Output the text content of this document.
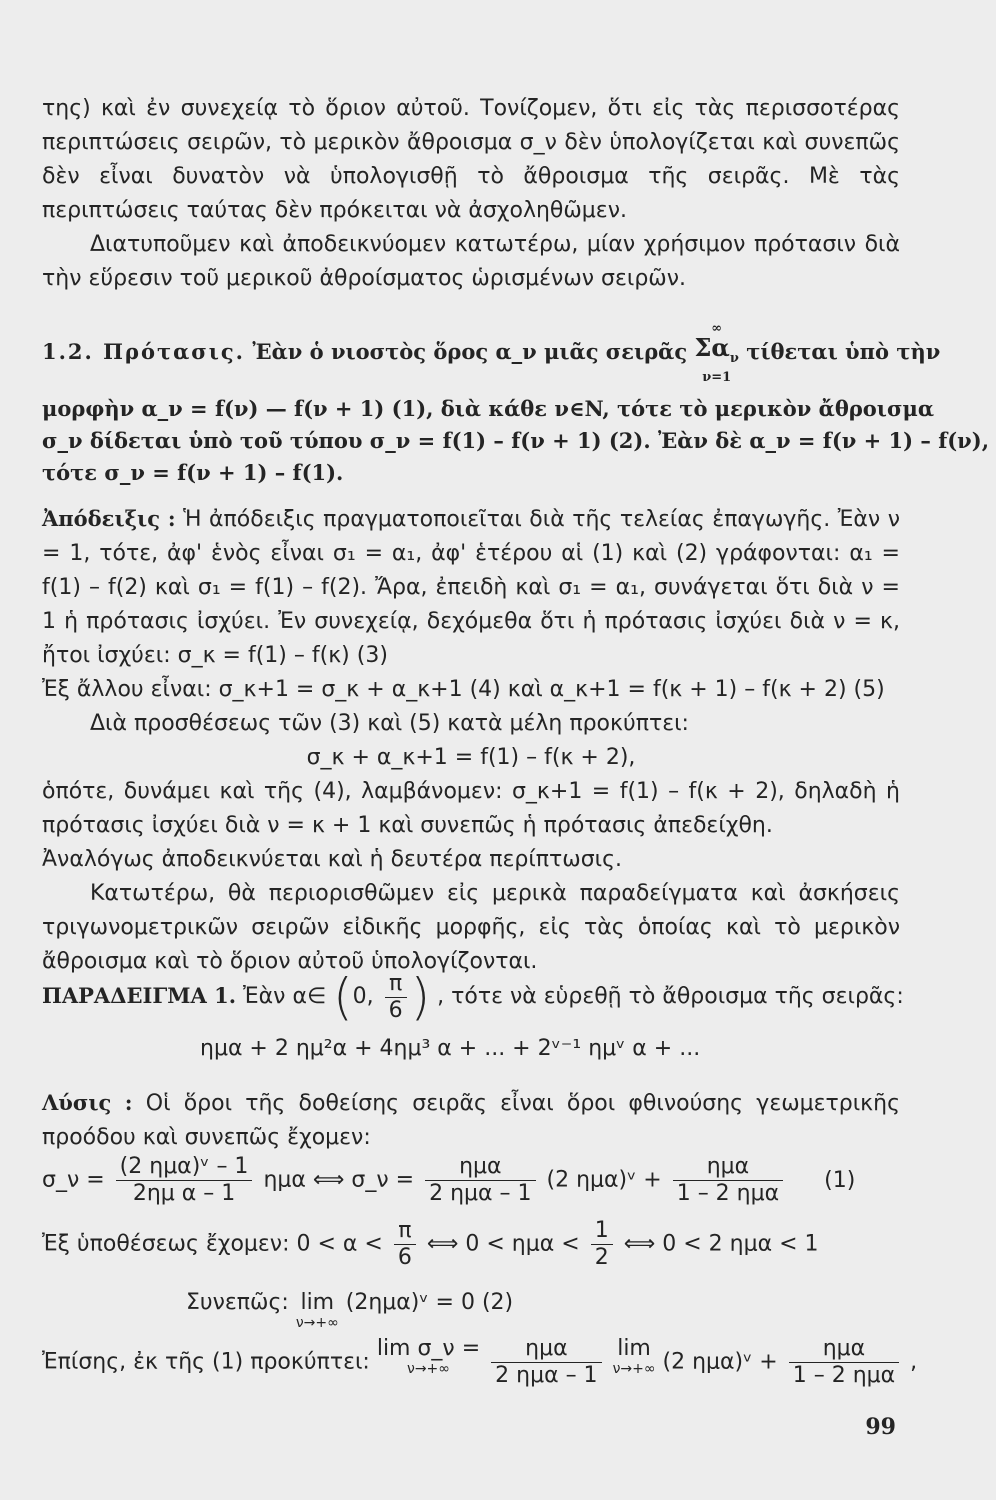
της) καὶ ἐν συνεχείᾳ τὸ ὅριον αὐτοῦ. Τονίζομεν, ὅτι εἰς τὰς περισσοτέρας περιπτώσεις σειρῶν, τὸ μερικὸν ἄθροισμα σ_ν δὲν ὑπολογίζεται καὶ συνεπῶς δὲν εἶναι δυνατὸν νὰ ὑπολογισθῇ τὸ ἄθροισμα τῆς σειρᾶς. Μὲ τὰς περιπτώσεις ταύτας δὲν πρόκειται νὰ ἀσχοληθῶμεν.

Διατυποῦμεν καὶ ἀποδεικνύομεν κατωτέρω, μίαν χρήσιμον πρότασιν διὰ τὴν εὕρεσιν τοῦ μερικοῦ ἀθροίσματος ὡρισμένων σειρῶν.

1.2. Πρότασις. Ἐὰν ὁ νιοστὸς ὅρος α_ν μιᾶς σειρᾶς
∞
$\Sigma\alpha_\nu$
ν=1
τίθεται ὑπὸ τὴν
μορφὴν α_ν = f(ν) — f(ν + 1) (1), διὰ κάθε ν∈N, τότε τὸ μερικὸν ἄθροισμα
σ_ν δίδεται ὑπὸ τοῦ τύπου σ_ν = f(1) – f(ν + 1) (2). Ἐὰν δὲ α_ν = f(ν + 1) – f(ν),
τότε σ_ν = f(ν + 1) – f(1).

Ἀπόδειξις : Ἡ ἀπόδειξις πραγματοποιεῖται διὰ τῆς τελείας ἐπαγωγῆς. Ἐὰν ν = 1, τότε, ἀφ' ἑνὸς εἶναι σ₁ = α₁, ἀφ' ἑτέρου αἱ (1) καὶ (2) γράφονται: α₁ = f(1) – f(2) καὶ σ₁ = f(1) – f(2). Ἄρα, ἐπειδὴ καὶ σ₁ = α₁, συνάγεται ὅτι διὰ ν = 1 ἡ πρότασις ἰσχύει. Ἐν συνεχείᾳ, δεχόμεθα ὅτι ἡ πρότασις ἰσχύει διὰ ν = κ, ἤτοι ἰσχύει: σ_κ = f(1) – f(κ) (3)

Ἐξ ἄλλου εἶναι: σ_κ+1 = σ_κ + α_κ+1 (4) καὶ α_κ+1 = f(κ + 1) – f(κ + 2) (5)

Διὰ προσθέσεως τῶν (3) καὶ (5) κατὰ μέλη προκύπτει:

σ_κ + α_κ+1 = f(1) – f(κ + 2),

ὁπότε, δυνάμει καὶ τῆς (4), λαμβάνομεν: σ_κ+1 = f(1) – f(κ + 2), δηλαδὴ ἡ πρότασις ἰσχύει διὰ ν = κ + 1 καὶ συνεπῶς ἡ πρότασις ἀπεδείχθη.

Ἀναλόγως ἀποδεικνύεται καὶ ἡ δευτέρα περίπτωσις.

Κατωτέρω, θὰ περιορισθῶμεν εἰς μερικὰ παραδείγματα καὶ ἀσκήσεις τριγωνομετρικῶν σειρῶν εἰδικῆς μορφῆς, εἰς τὰς ὁποίας καὶ τὸ μερικὸν ἄθροισμα καὶ τὸ ὅριον αὐτοῦ ὑπολογίζονται.

ΠΑΡΑΔΕΙΓΜΑ 1. Ἐὰν α∈ (0, $\frac{\pi}{6}$ ) , τότε νὰ εὑρεθῇ τὸ ἄθροισμα τῆς σειρᾶς:
ημα + 2 ημ²α + 4ημ³ α + ... + 2ᵛ⁻¹ ημᵛ α + ...

Λύσις : Οἱ ὅροι τῆς δοθείσης σειρᾶς εἶναι ὅροι φθινούσης γεωμετρικῆς προόδου καὶ συνεπῶς ἔχομεν:

σ_ν = $\frac{\text{(2 ημα)ᵛ – 1}}{\text{2ημ α – 1}}$ ημα ⟺ σ_ν = $\frac{\text{ημα}}{\text{2 ημα – 1}} (2$ ημα)ᵛ + $\frac{\text{ημα}}{\text{1 – 2 ημα}} (1)$
Ἐξ ὑποθέσεως ἔχομεν: $0 < \alpha < \frac{\pi}{6}$ ⟺ $0 < \eta\mu\alpha < \frac{1}{2}$ ⟺ 0 < 2 ημα < 1
Συνεπῶς: lim
ν→+∞
(2ημα)ᵛ = 0 (2)
Ἐπίσης, ἐκ τῆς (1) προκύπτει: lim σ_ν =
ν→+∞
	$\frac{\text{ημα}}{\text{2 ημα – 1}}$ lim
ν→+∞ (2 ημα)ᵛ + $\frac{\text{ημα}}{\text{1 – 2 ημα}}$ ,
99
